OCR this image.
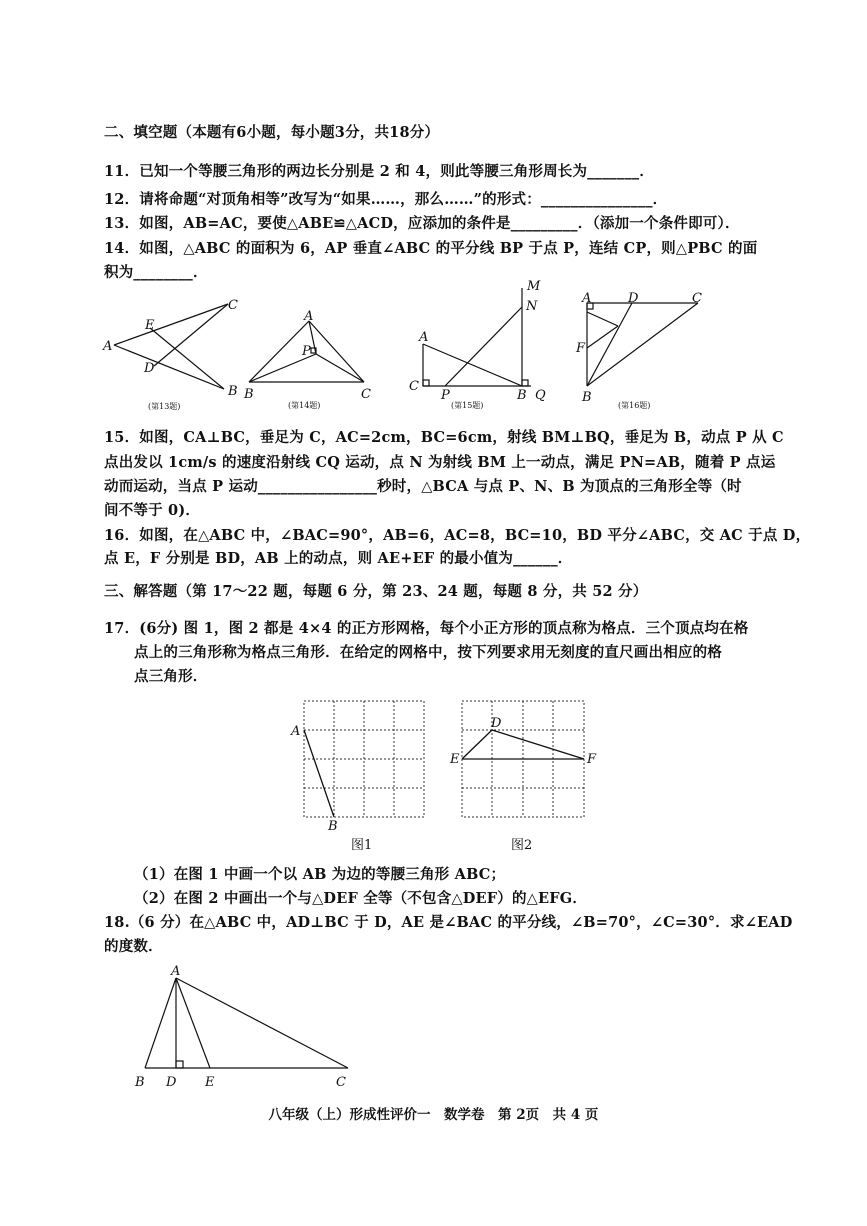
二、填空题（本题有6小题，每小题3分，共18分）
11．已知一个等腰三角形的两边长分别是 2 和 4，则此等腰三角形周长为_______．
12．请将命题“对顶角相等”改写为“如果……，那么……”的形式：_______________．
13．如图，AB=AC，要使△ABE≌△ACD，应添加的条件是_________．（添加一个条件即可）．
14．如图，△ABC 的面积为 6，AP 垂直∠ABC 的平分线 BP 于点 P，连结 CP，则△PBC 的面
积为________．
A
B
C
D
E
(第13题)
A
B	C
P
(第14题)
A
B
C
M
N
P	Q
(第15题)
A
B
C
D
F
(第16题)
15．如图，CA⊥BC，垂足为 C，AC=2cm，BC=6cm，射线 BM⊥BQ，垂足为 B，动点 P 从 C
点出发以 1cm/s 的速度沿射线 CQ 运动，点 N 为射线 BM 上一动点，满足 PN=AB，随着 P 点运
动而运动，当点 P 运动________________秒时，△BCA 与点 P、N、B 为顶点的三角形全等（时
间不等于 0)．
16．如图，在△ABC 中，∠BAC=90°，AB=6，AC=8，BC=10，BD 平分∠ABC，交 AC 于点 D，
点 E，F 分别是 BD，AB 上的动点，则 AE+EF 的最小值为______．
三、解答题（第 17～22 题，每题 6 分，第 23、24 题，每题 8 分，共 52 分）
17．(6分) 图 1，图 2 都是 4×4 的正方形网格，每个小正方形的顶点称为格点．三个顶点均在格
点上的三角形称为格点三角形．在给定的网格中，按下列要求用无刻度的直尺画出相应的格
点三角形．
A
B
图1
D
E	F
图2
（1）在图 1 中画一个以 AB 为边的等腰三角形 ABC；
（2）在图 2 中画出一个与△DEF 全等（不包含△DEF）的△EFG．
18.（6 分）在△ABC 中，AD⊥BC 于 D，AE 是∠BAC 的平分线，∠B=70°，∠C=30°．求∠EAD
的度数．
A
B	C
D E
八年级（上）形成性评价一　数学卷　第 2页　共 4 页
